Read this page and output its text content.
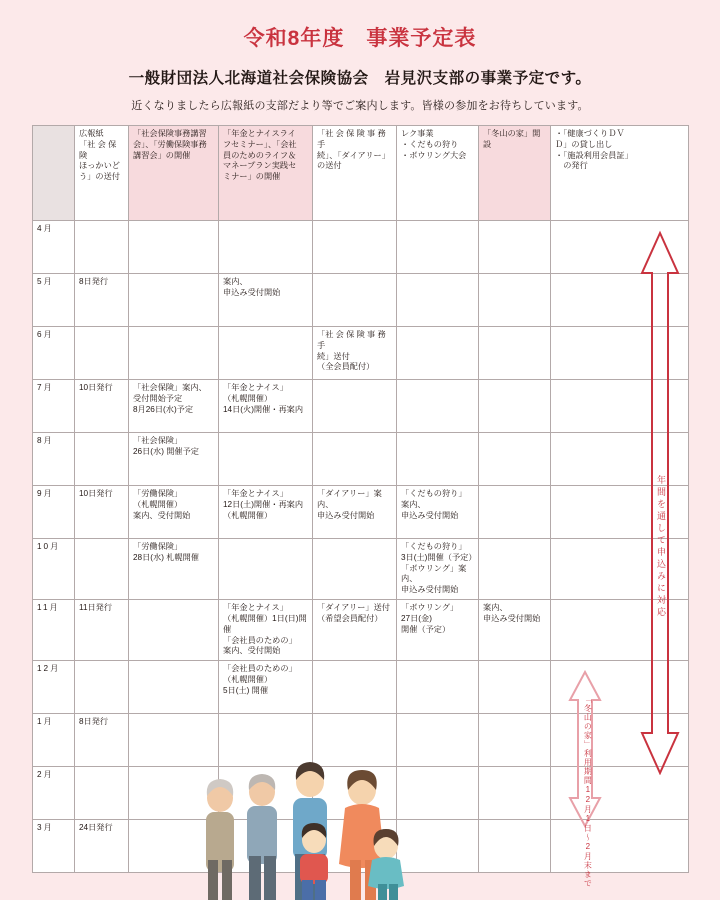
令和8年度　事業予定表
一般財団法人北海道社会保険協会　岩見沢支部の事業予定です。
近くなりましたら広報紙の支部だより等でご案内します。皆様の参加をお待ちしています。

	広報紙
「社 会 保 険
ほっかいど
う」の送付	「社会保険事務講習
会」、「労働保険事務
講習会」の開催	「年金とナイスライ
フセミナー」、「会社
員のためのライフ＆
マネープラン実践セ
ミナー」の開催	「社 会 保 険 事 務 手
続」、「ダイアリー」
の送付	レク事業
・くだもの狩り
・ボウリング大会	「冬山の家」開設	・「健康づくりＤＶ
Ｄ」の貸し出し
・「施設利用会員証」
　の発行

4月							
5月	8日発行		案内、
申込み受付開始				

6月				「社 会 保 険 事 務 手
続」送付
（全会員配付）			

7月	10日発行	「社会保険」案内、
受付開始予定
8月26日(水)予定	「年金とナイス」
（札幌開催）
14日(火)開催・再案内				

8月		「社会保険」
26日(水) 開催予定					

9月	10日発行	「労働保険」
（札幌開催）
案内、受付開始	「年金とナイス」
12日(土)開催・再案内
（札幌開催）	「ダイアリー」案内、
申込み受付開始	「くだもの狩り」
案内、
申込み受付開始		

10月		「労働保険」
28日(水) 札幌開催			「くだもの狩り」
3日(土)開催（予定）
「ボウリング」案内、
申込み受付開始		

11月	11日発行		「年金とナイス」
（札幌開催）1日(日)開催
「会社員のための」
案内、受付開始	「ダイアリー」送付
（希望会員配付）	「ボウリング」
27日(金)
開催（予定）	案内、
申込み受付開始	

12月			「会社員のための」
（札幌開催）
5日(土) 開催				

1月	8日発行						

2月							
3月	24日発行						

年間を通して申込みに対応
「冬山の家」利用期間12月1日〜2月末まで
